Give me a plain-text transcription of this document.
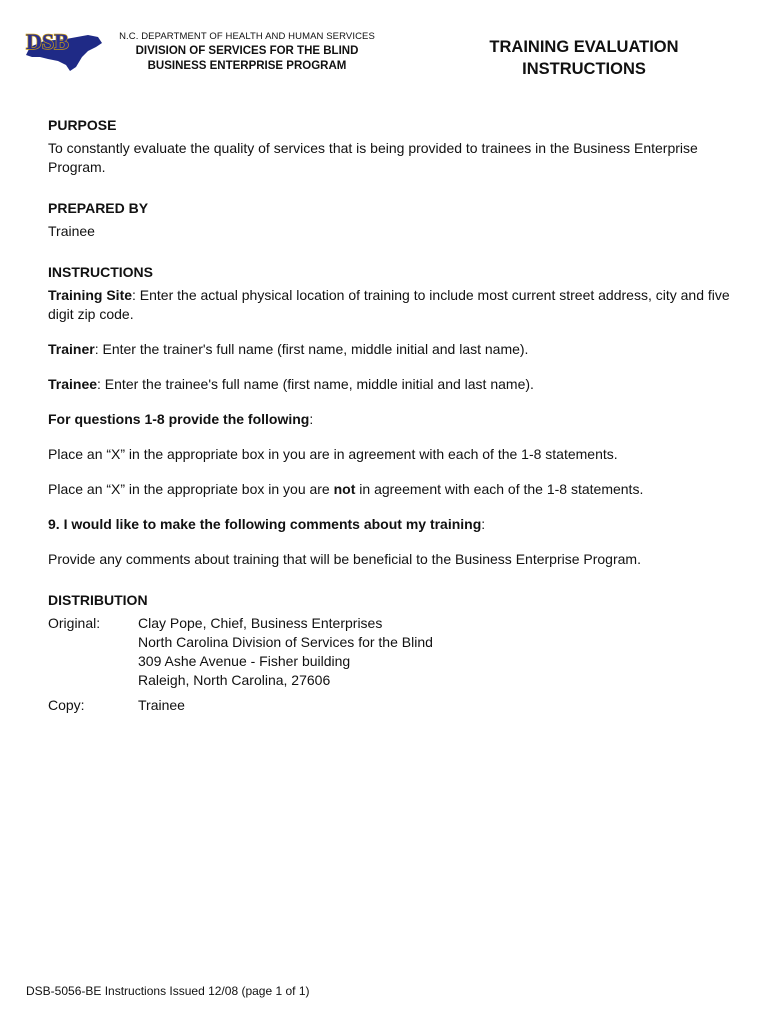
DSB	N.C. DEPARTMENT OF HEALTH AND HUMAN SERVICES
DIVISION OF SERVICES FOR THE BLIND
BUSINESS ENTERPRISE PROGRAM
TRAINING EVALUATION
INSTRUCTIONS
PURPOSE

To constantly evaluate the quality of services that is being provided to trainees in the Business Enterprise Program.

PREPARED BY

Trainee

INSTRUCTIONS

Training Site: Enter the actual physical location of training to include most current street address, city and five digit zip code.

Trainer: Enter the trainer's full name (first name, middle initial and last name).

Trainee: Enter the trainee's full name (first name, middle initial and last name).

For questions 1-8 provide the following:

Place an “X” in the appropriate box in you are in agreement with each of the 1-8 statements.

Place an “X” in the appropriate box in you are not in agreement with each of the 1-8 statements.

9. I would like to make the following comments about my training:

Provide any comments about training that will be beneficial to the Business Enterprise Program.

DISTRIBUTION
Original:	Clay Pope, Chief, Business Enterprises
North Carolina Division of Services for the Blind
309 Ashe Avenue - Fisher building
Raleigh, North Carolina, 27606
Copy:	Trainee
DSB-5056-BE Instructions Issued 12/08 (page 1 of 1)
